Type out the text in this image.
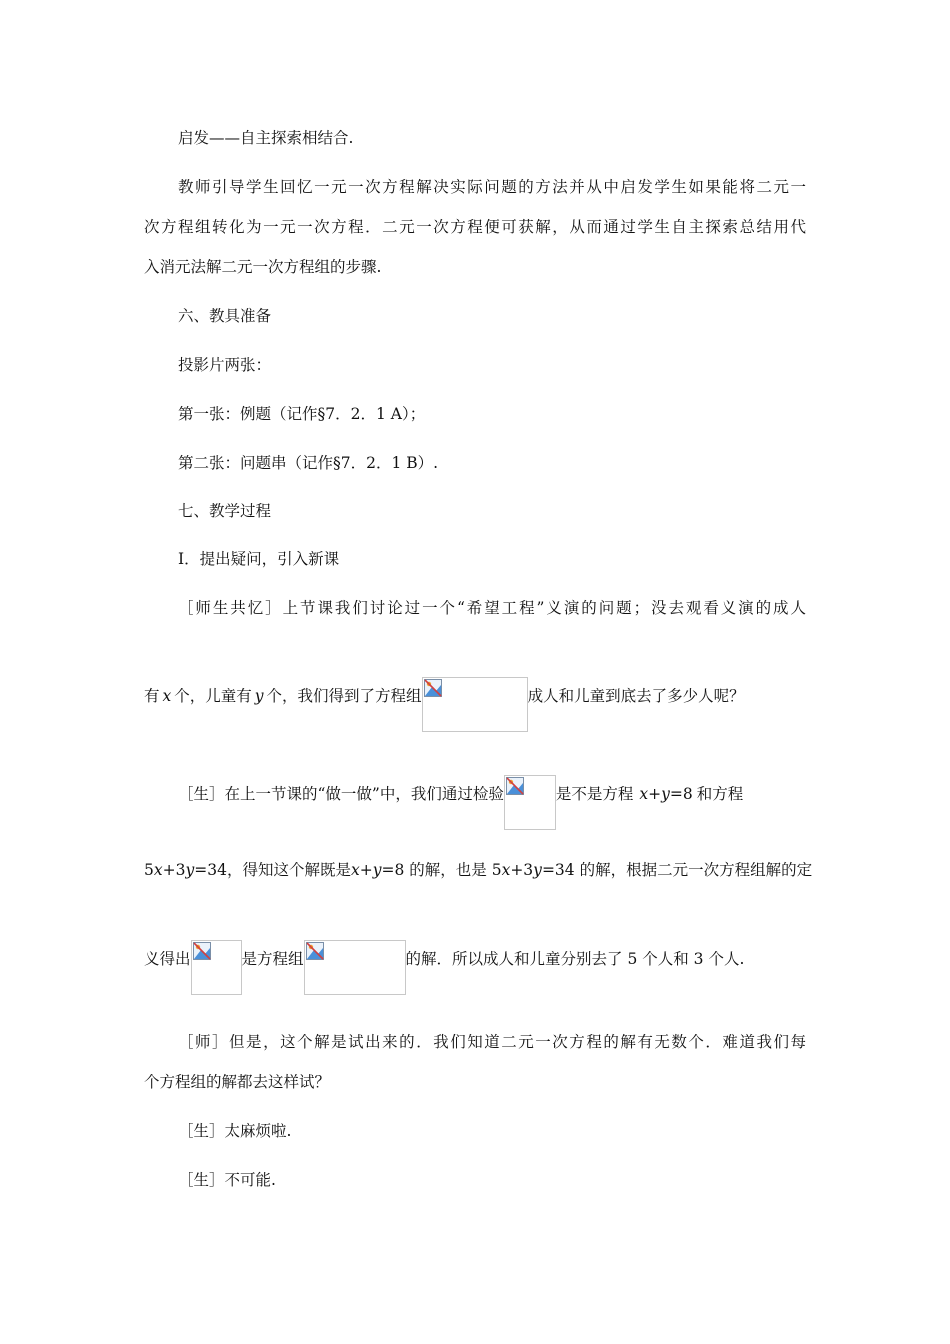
启发——自主探索相结合.
教师引导学生回忆一元一次方程解决实际问题的方法并从中启发学生如果能将二元一
次方程组转化为一元一次方程．二元一次方程便可获解，从而通过学生自主探索总结用代
入消元法解二元一次方程组的步骤.
六、教具准备
投影片两张：
第一张：例题（记作§7．2．1 A）；
第二张：问题串（记作§7．2．1 B）.
七、教学过程
Ⅰ．提出疑问，引入新课
［师生共忆］上节课我们讨论过一个“希望工程”义演的问题；没去观看义演的成人
有 x 个，儿童有 y 个，我们得到了方程组	成人和儿童到底去了多少人呢？
［生］在上一节课的“做一做”中，我们通过检验	是不是方程 x+y=8 和方程
5x+3y=34，得知这个解既是x+y=8 的解，也是 5x+3y=34 的解，根据二元一次方程组解的定
义得出	是方程组	的解．所以成人和儿童分别去了 5 个人和 3 个人.
［师］但是，这个解是试出来的．我们知道二元一次方程的解有无数个．难道我们每
个方程组的解都去这样试？
［生］太麻烦啦.
［生］不可能.
